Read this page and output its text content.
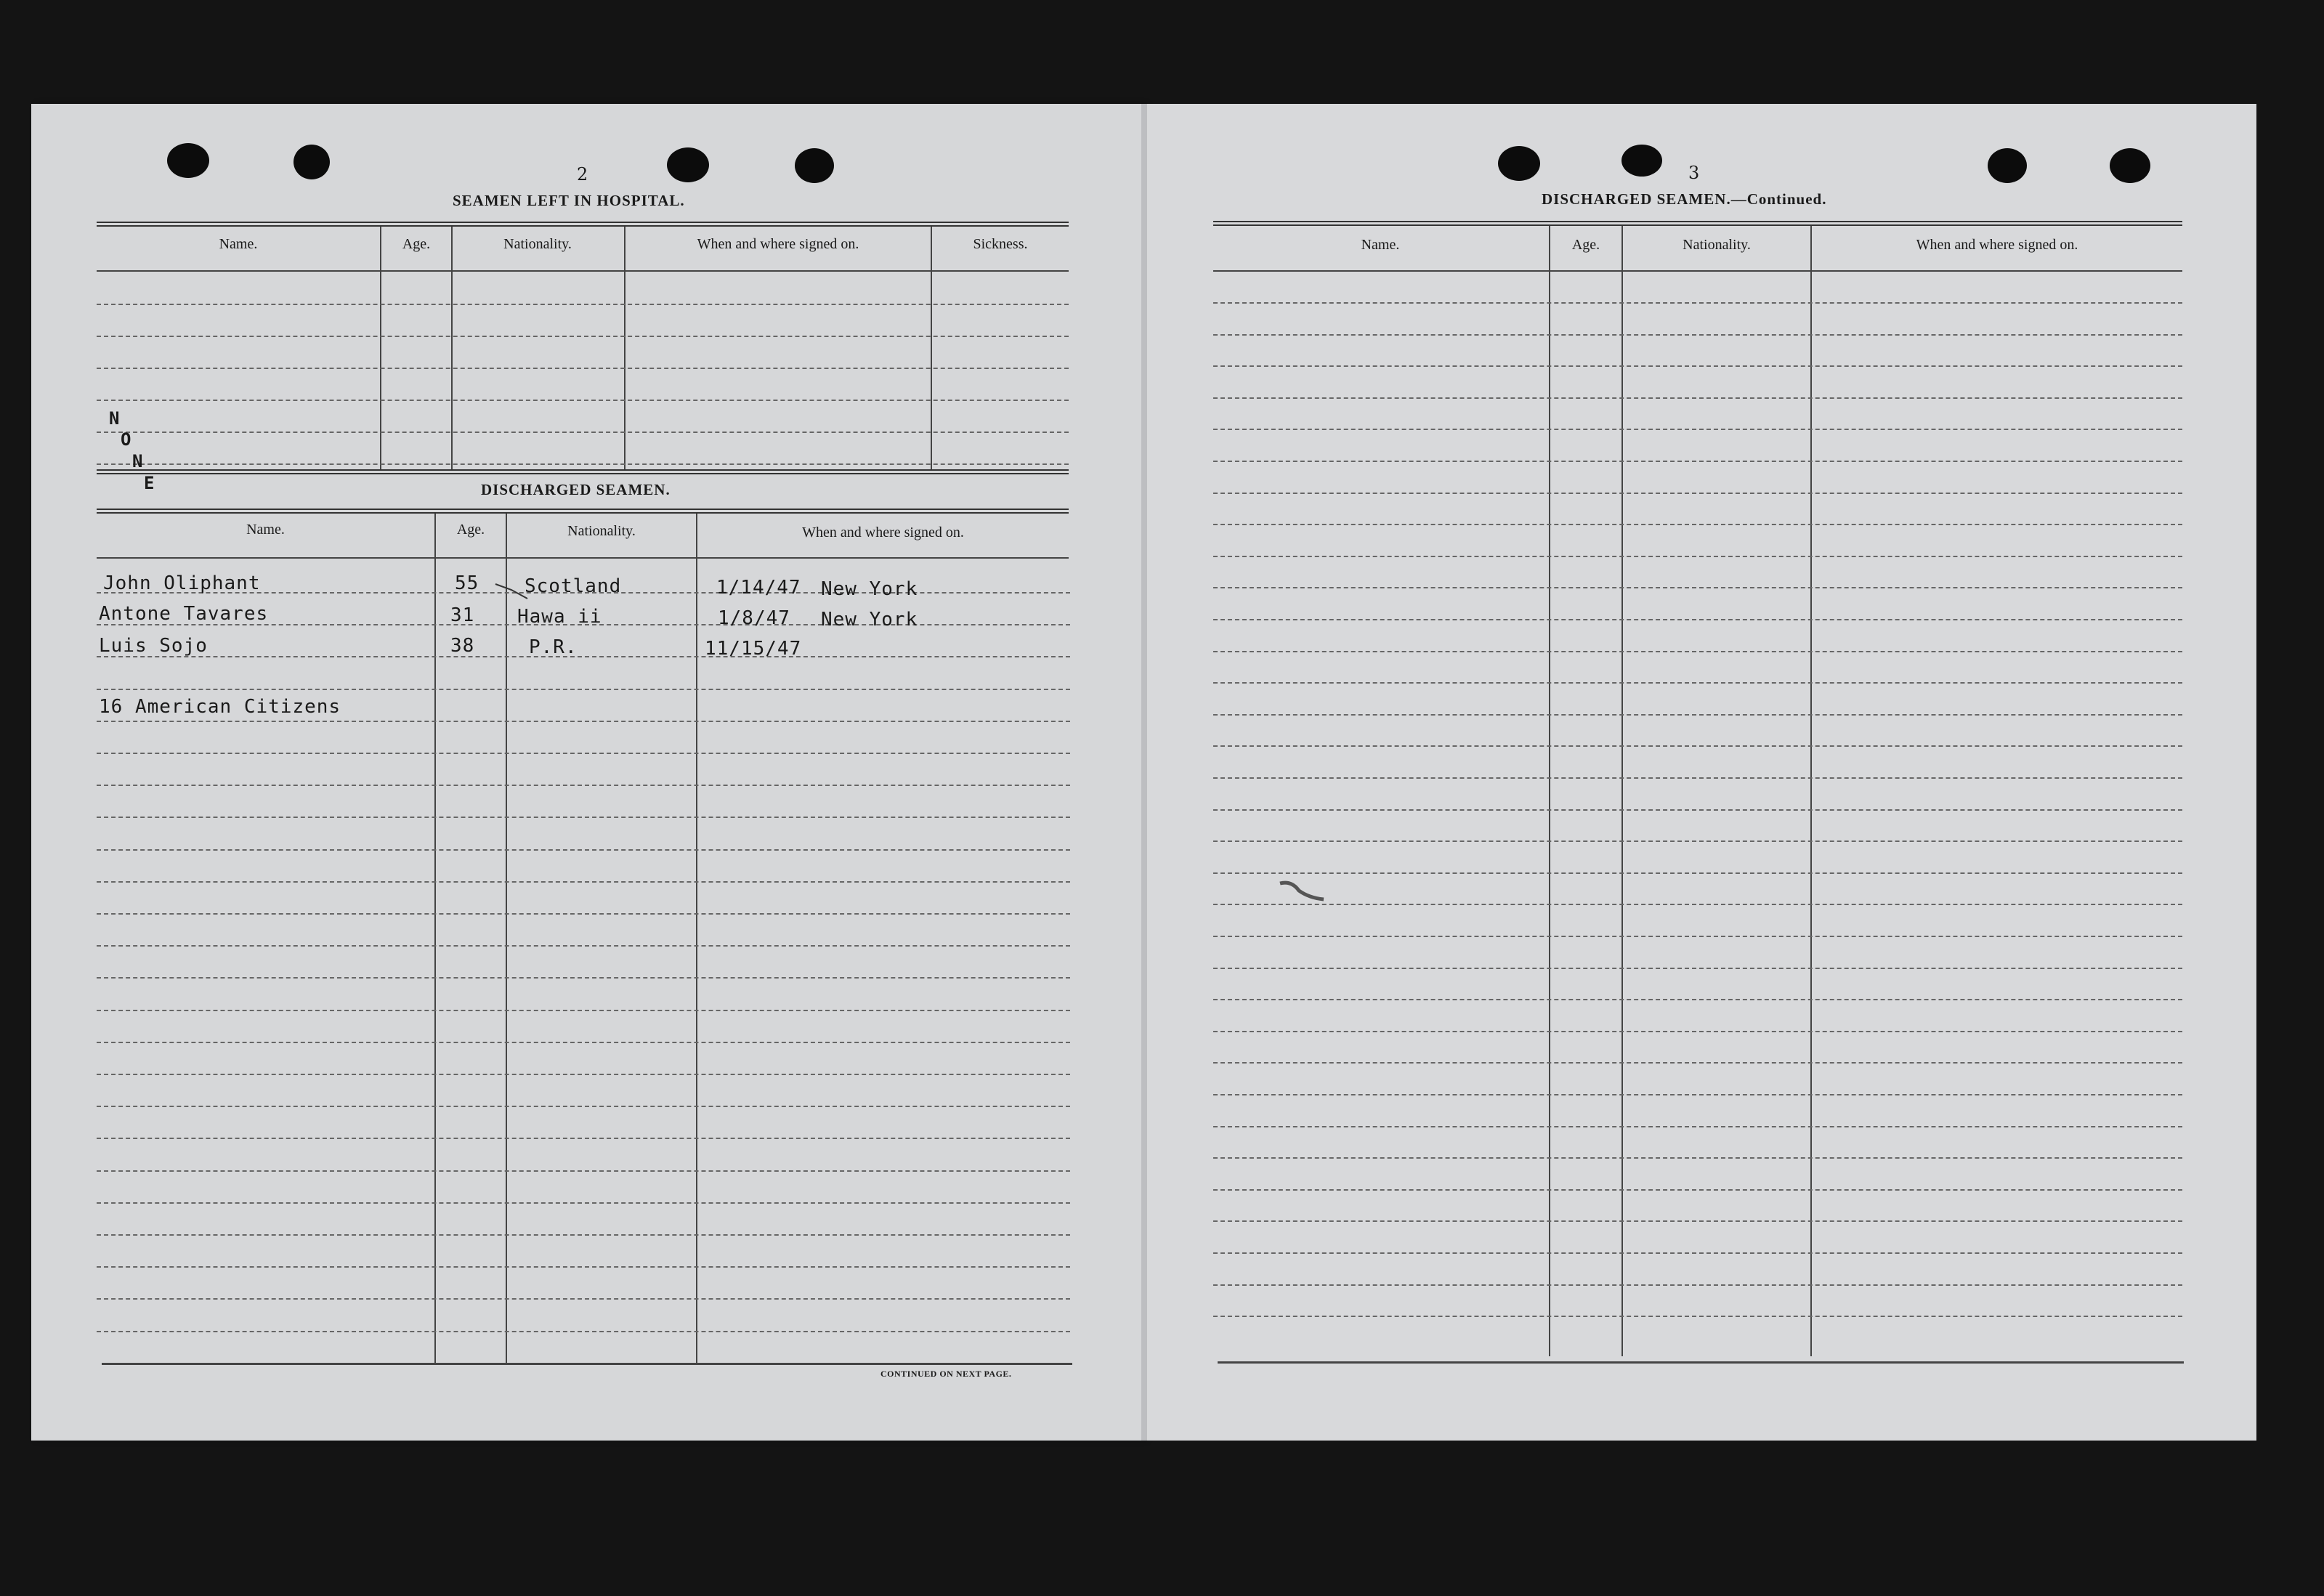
2
SEAMEN LEFT IN HOSPITAL.
Name.	Age.	Nationality.	When and where signed on.	Sickness.
N
O
N
E	DISCHARGED SEAMEN.
Name.	Age.	Nationality.	When and where signed on.
John Oliphant	55 Scotland	1/14/47 New York
Antone Tavares	31 Hawa ii	1/8/47 New York
Luis Sojo	38	P.R.	11/15/47
16 American Citizens
CONTINUED ON NEXT PAGE.
3
DISCHARGED SEAMEN.—Continued.
Name.	Age.	Nationality.	When and where signed on.
